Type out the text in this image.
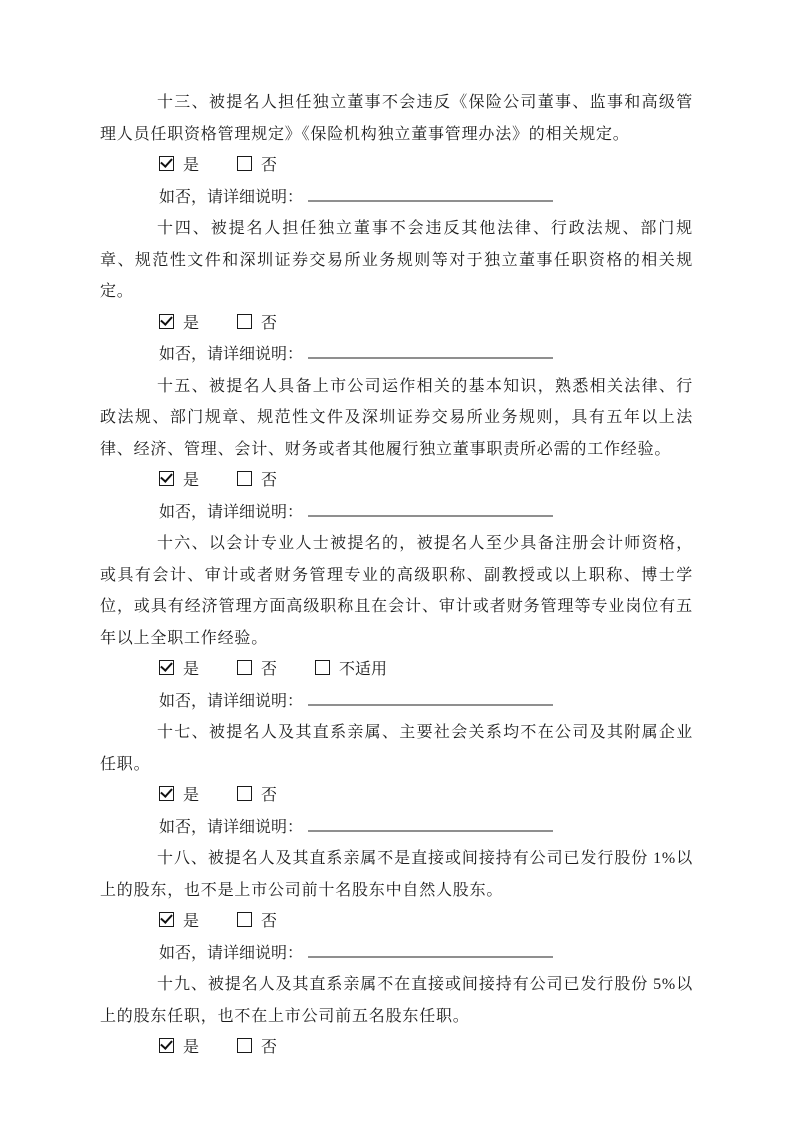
十三、被提名人担任独立董事不会违反《保险公司董事、监事和高级管理人员任职资格管理规定》《保险机构独立董事管理办法》的相关规定。

是	否
如否，请详细说明：

十四、被提名人担任独立董事不会违反其他法律、行政法规、部门规章、规范性文件和深圳证券交易所业务规则等对于独立董事任职资格的相关规定。

是	否
如否，请详细说明：

十五、被提名人具备上市公司运作相关的基本知识，熟悉相关法律、行政法规、部门规章、规范性文件及深圳证券交易所业务规则，具有五年以上法律、经济、管理、会计、财务或者其他履行独立董事职责所必需的工作经验。

是	否
如否，请详细说明：

十六、以会计专业人士被提名的，被提名人至少具备注册会计师资格，或具有会计、审计或者财务管理专业的高级职称、副教授或以上职称、博士学位，或具有经济管理方面高级职称且在会计、审计或者财务管理等专业岗位有五年以上全职工作经验。

是	否	不适用
如否，请详细说明：

十七、被提名人及其直系亲属、主要社会关系均不在公司及其附属企业任职。

是	否
如否，请详细说明：

十八、被提名人及其直系亲属不是直接或间接持有公司已发行股份 1%以上的股东，也不是上市公司前十名股东中自然人股东。

是	否
如否，请详细说明：

十九、被提名人及其直系亲属不在直接或间接持有公司已发行股份 5%以上的股东任职，也不在上市公司前五名股东任职。

是	否
